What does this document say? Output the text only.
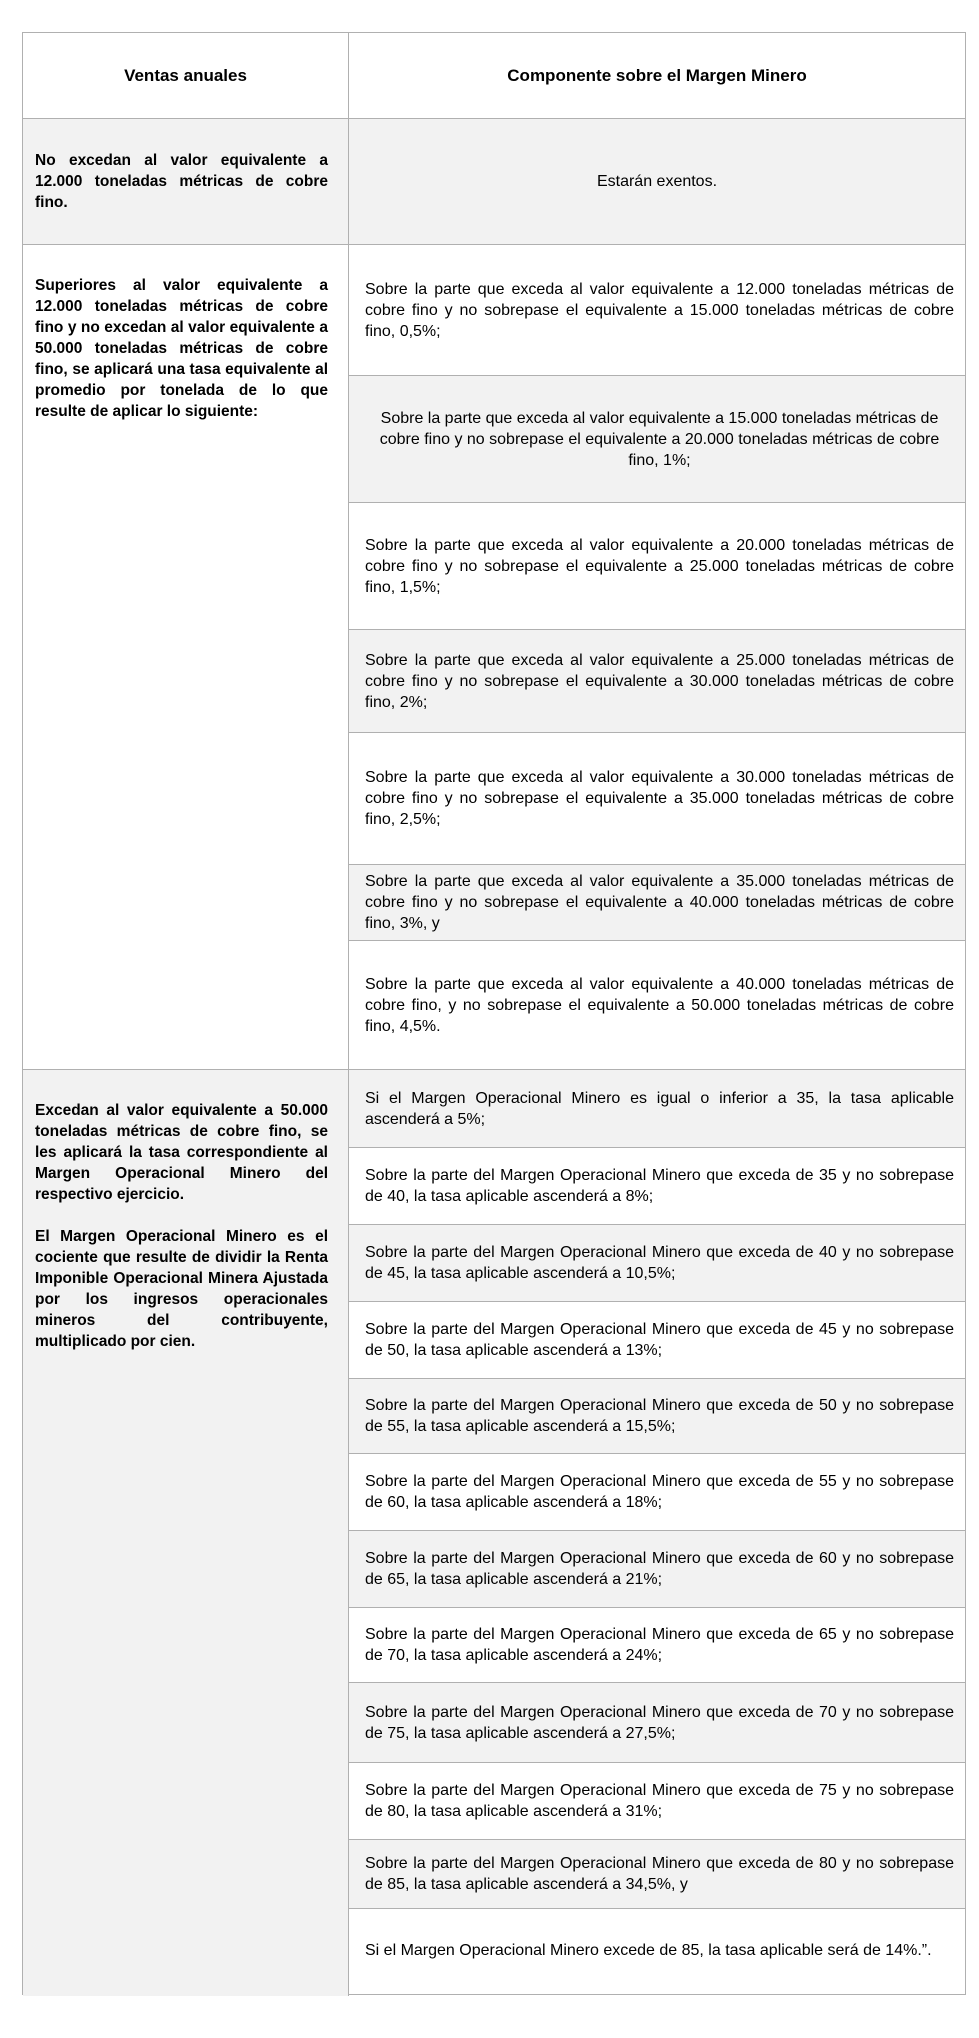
Ventas anuales	Componente sobre el Margen Minero
No excedan al valor equivalente a 12.000 toneladas métricas de cobre fino.
Estarán exentos.

Superiores al valor equivalente a 12.000 toneladas métricas de cobre fino y no excedan al valor equivalente a 50.000 toneladas métricas de cobre fino, se aplicará una tasa equivalente al promedio por tonelada de lo que resulte de aplicar lo siguiente:

Sobre la parte que exceda al valor equivalente a 12.000 toneladas métricas de cobre fino y no sobrepase el equivalente a 15.000 toneladas métricas de cobre fino, 0,5%;
Sobre la parte que exceda al valor equivalente a 15.000 toneladas métricas de cobre fino y no sobrepase el equivalente a 20.000 toneladas métricas de cobre fino, 1%;
Sobre la parte que exceda al valor equivalente a 20.000 toneladas métricas de cobre fino y no sobrepase el equivalente a 25.000 toneladas métricas de cobre fino, 1,5%;
Sobre la parte que exceda al valor equivalente a 25.000 toneladas métricas de cobre fino y no sobrepase el equivalente a 30.000 toneladas métricas de cobre fino, 2%;
Sobre la parte que exceda al valor equivalente a 30.000 toneladas métricas de cobre fino y no sobrepase el equivalente a 35.000 toneladas métricas de cobre fino, 2,5%;
Sobre la parte que exceda al valor equivalente a 35.000 toneladas métricas de cobre fino y no sobrepase el equivalente a 40.000 toneladas métricas de cobre fino, 3%, y
Sobre la parte que exceda al valor equivalente a 40.000 toneladas métricas de cobre fino, y no sobrepase el equivalente a 50.000 toneladas métricas de cobre fino, 4,5%.

Excedan al valor equivalente a 50.000 toneladas métricas de cobre fino, se les aplicará la tasa correspondiente al Margen Operacional Minero del respectivo ejercicio.

El Margen Operacional Minero es el cociente que resulte de dividir la Renta Imponible Operacional Minera Ajustada por los ingresos operacionales mineros del contribuyente, multiplicado por cien.

Si el Margen Operacional Minero es igual o inferior a 35, la tasa aplicable ascenderá a 5%;
Sobre la parte del Margen Operacional Minero que exceda de 35 y no sobrepase de 40, la tasa aplicable ascenderá a 8%;
Sobre la parte del Margen Operacional Minero que exceda de 40 y no sobrepase de 45, la tasa aplicable ascenderá a 10,5%;
Sobre la parte del Margen Operacional Minero que exceda de 45 y no sobrepase de 50, la tasa aplicable ascenderá a 13%;
Sobre la parte del Margen Operacional Minero que exceda de 50 y no sobrepase de 55, la tasa aplicable ascenderá a 15,5%;
Sobre la parte del Margen Operacional Minero que exceda de 55 y no sobrepase de 60, la tasa aplicable ascenderá a 18%;
Sobre la parte del Margen Operacional Minero que exceda de 60 y no sobrepase de 65, la tasa aplicable ascenderá a 21%;
Sobre la parte del Margen Operacional Minero que exceda de 65 y no sobrepase de 70, la tasa aplicable ascenderá a 24%;
Sobre la parte del Margen Operacional Minero que exceda de 70 y no sobrepase de 75, la tasa aplicable ascenderá a 27,5%;
Sobre la parte del Margen Operacional Minero que exceda de 75 y no sobrepase de 80, la tasa aplicable ascenderá a 31%;
Sobre la parte del Margen Operacional Minero que exceda de 80 y no sobrepase de 85, la tasa aplicable ascenderá a 34,5%, y
Si el Margen Operacional Minero excede de 85, la tasa aplicable será de 14%.”.
